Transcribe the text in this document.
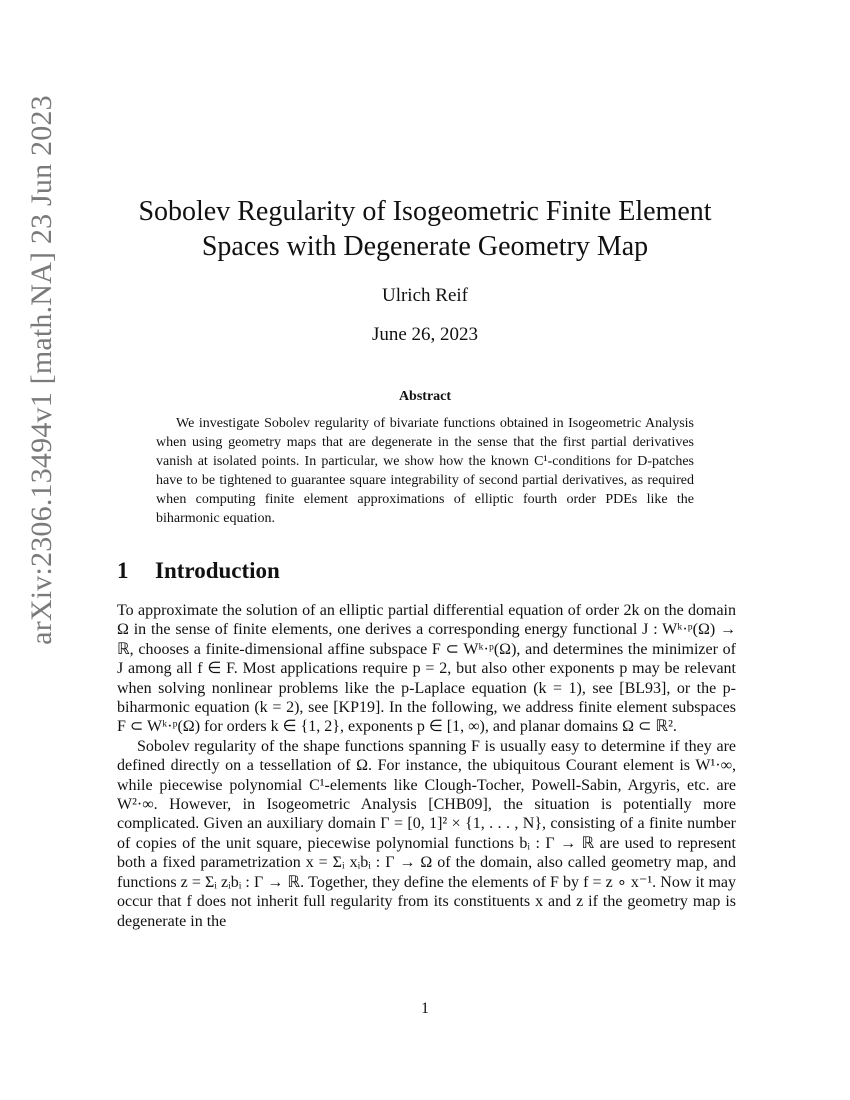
arXiv:2306.13494v1 [math.NA] 23 Jun 2023	Sobolev Regularity of Isogeometric Finite Element
Spaces with Degenerate Geometry Map
Ulrich Reif
June 26, 2023
Abstract

We investigate Sobolev regularity of bivariate functions obtained in Isogeometric Analysis when using geometry maps that are degenerate in the sense that the first partial derivatives vanish at isolated points. In particular, we show how the known C¹-conditions for D-patches have to be tightened to guarantee square integrability of second partial derivatives, as required when computing finite element approximations of elliptic fourth order PDEs like the biharmonic equation.

1 Introduction

To approximate the solution of an elliptic partial differential equation of order 2k on the domain Ω in the sense of finite elements, one derives a corresponding energy functional J : Wᵏ·ᵖ(Ω) → ℝ, chooses a finite-dimensional affine subspace F ⊂ Wᵏ·ᵖ(Ω), and determines the minimizer of J among all f ∈ F. Most applications require p = 2, but also other exponents p may be relevant when solving nonlinear problems like the p-Laplace equation (k = 1), see [BL93], or the p-biharmonic equation (k = 2), see [KP19]. In the following, we address finite element subspaces F ⊂ Wᵏ·ᵖ(Ω) for orders k ∈ {1, 2}, exponents p ∈ [1, ∞), and planar domains Ω ⊂ ℝ².

Sobolev regularity of the shape functions spanning F is usually easy to determine if they are defined directly on a tessellation of Ω. For instance, the ubiquitous Courant element is W¹·∞, while piecewise polynomial C¹-elements like Clough-Tocher, Powell-Sabin, Argyris, etc. are W²·∞. However, in Isogeometric Analysis [CHB09], the situation is potentially more complicated. Given an auxiliary domain Γ = [0, 1]² × {1, . . . , N}, consisting of a finite number of copies of the unit square, piecewise polynomial functions bᵢ : Γ → ℝ are used to represent both a fixed parametrization x = Σᵢ xᵢbᵢ : Γ → Ω of the domain, also called geometry map, and functions z = Σᵢ zᵢbᵢ : Γ → ℝ. Together, they define the elements of F by f = z ∘ x⁻¹. Now it may occur that f does not inherit full regularity from its constituents x and z if the geometry map is degenerate in the

1
